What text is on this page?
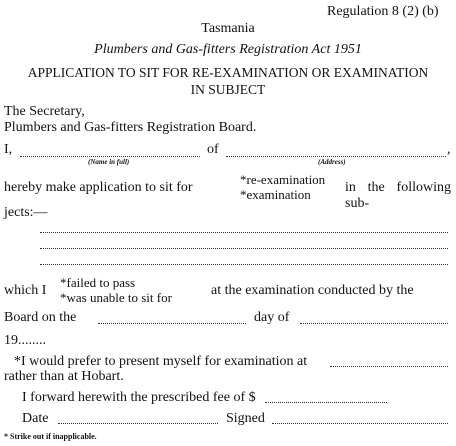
Regulation 8 (2) (b)
Tasmania
Plumbers and Gas-fitters Registration Act 1951
APPLICATION TO SIT FOR RE-EXAMINATION OR EXAMINATION
IN SUBJECT
The Secretary,
Plumbers and Gas-fitters Registration Board.
I,	of	,
(Name in full)	(Address)
hereby make application to sit for
*re-examination
*examination in the following sub-
jects:—
which I
*failed to pass
*was unable to sit for	at the examination conducted by the
Board on the	day of
19........
*I would prefer to present myself for examination at
rather than at Hobart.
I forward herewith the prescribed fee of $
Date	Signed
* Strike out if inapplicable.
